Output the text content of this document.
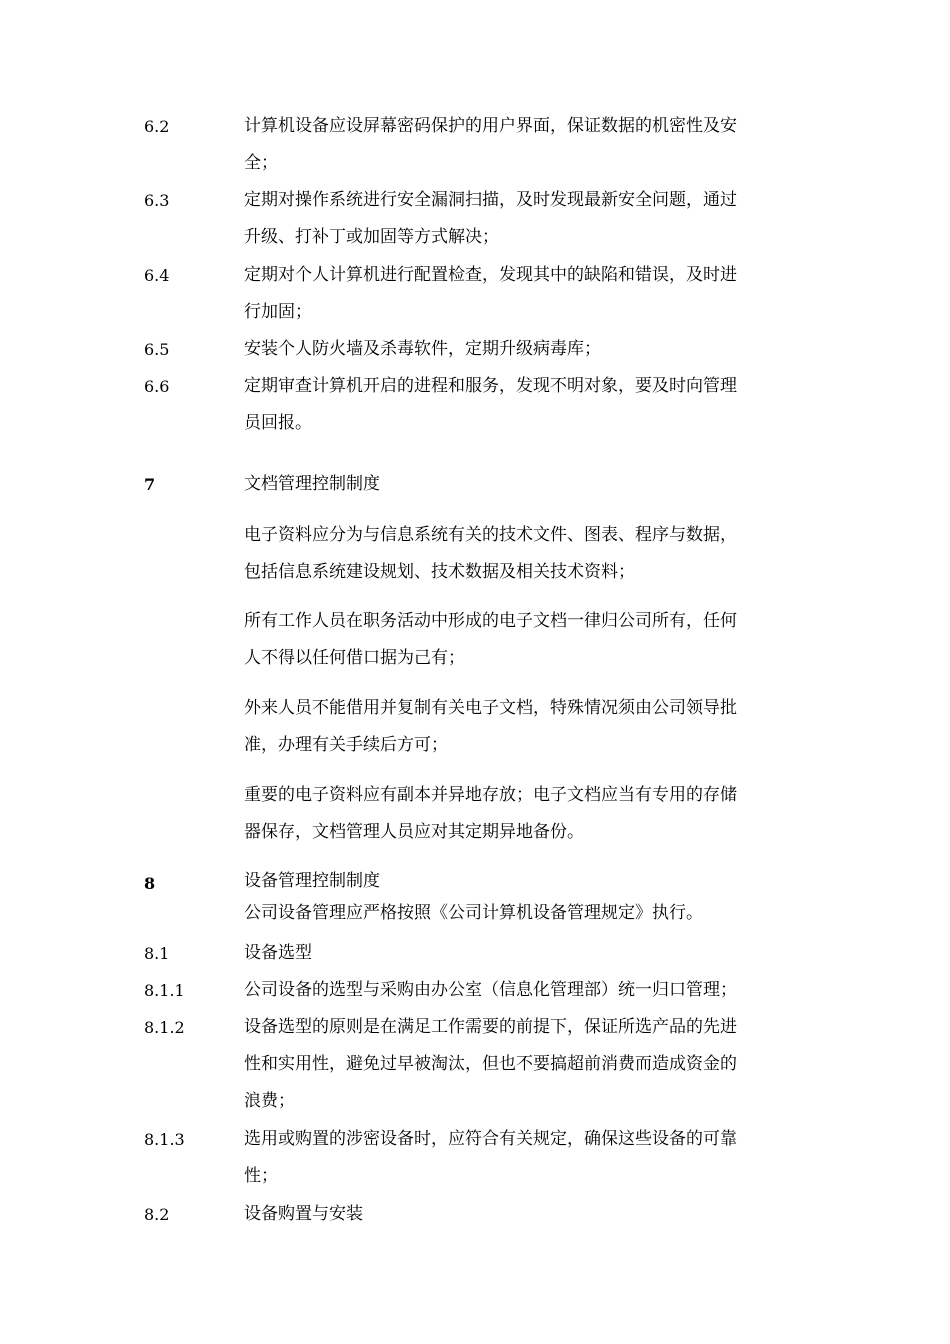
6.2	计算机设备应设屏幕密码保护的用户界面，保证数据的机密性及安
全；
6.3	定期对操作系统进行安全漏洞扫描，及时发现最新安全问题，通过
升级、打补丁或加固等方式解决；
6.4	定期对个人计算机进行配置检查，发现其中的缺陷和错误，及时进
行加固；
6.5	安装个人防火墙及杀毒软件，定期升级病毒库；
6.6	定期审查计算机开启的进程和服务，发现不明对象，要及时向管理
员回报。
7	文档管理控制制度
电子资料应分为与信息系统有关的技术文件、图表、程序与数据，
包括信息系统建设规划、技术数据及相关技术资料；
所有工作人员在职务活动中形成的电子文档一律归公司所有，任何
人不得以任何借口据为己有；
外来人员不能借用并复制有关电子文档，特殊情况须由公司领导批
准，办理有关手续后方可；
重要的电子资料应有副本并异地存放；电子文档应当有专用的存储
器保存，文档管理人员应对其定期异地备份。
8	设备管理控制制度
公司设备管理应严格按照《公司计算机设备管理规定》执行。
8.1	设备选型
8.1.1	公司设备的选型与采购由办公室（信息化管理部）统一归口管理；
8.1.2	设备选型的原则是在满足工作需要的前提下，保证所选产品的先进
性和实用性，避免过早被淘汰，但也不要搞超前消费而造成资金的
浪费；
8.1.3	选用或购置的涉密设备时，应符合有关规定，确保这些设备的可靠
性；
8.2	设备购置与安装
